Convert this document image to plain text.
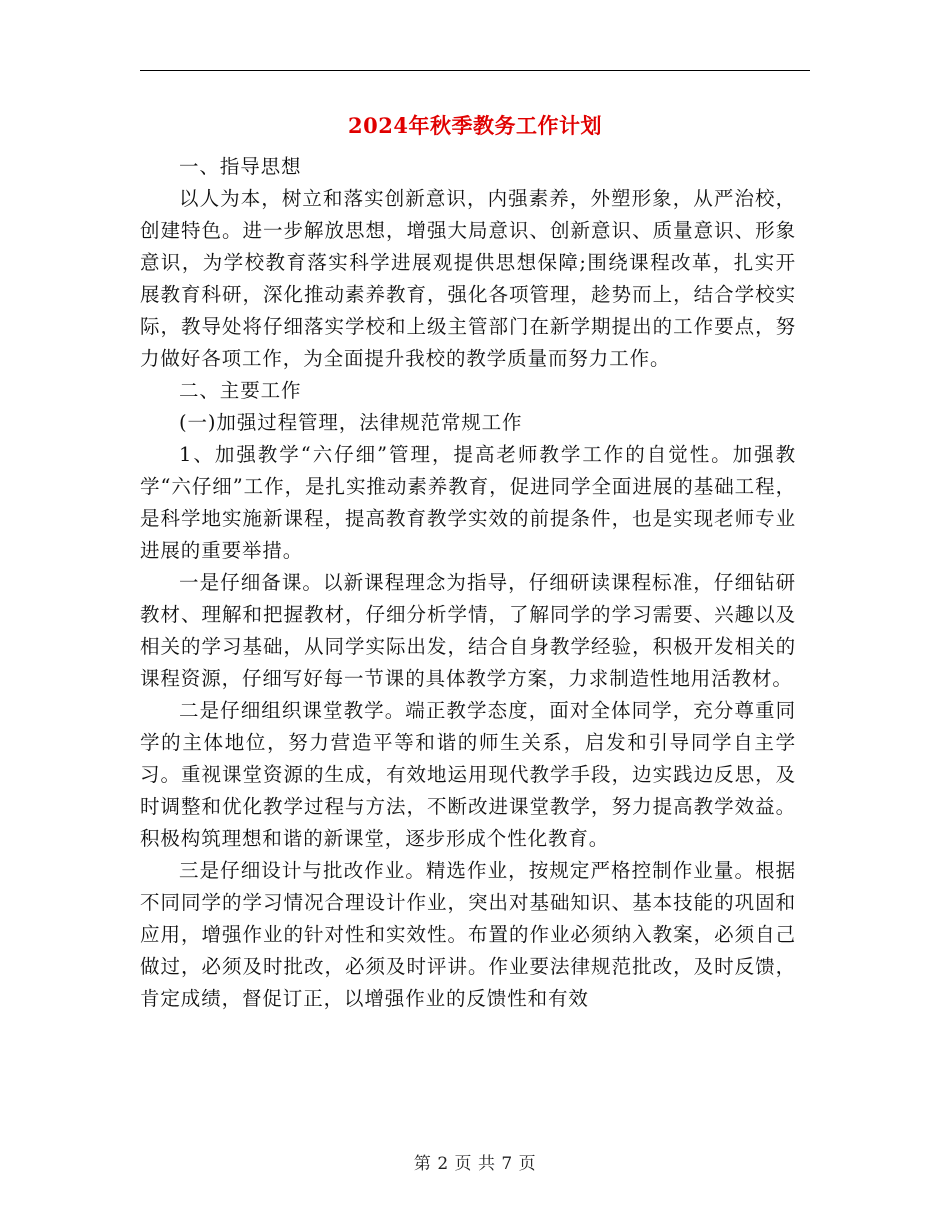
2024年秋季教务工作计划

一、指导思想

以人为本，树立和落实创新意识，内强素养，外塑形象，从严治校，创建特色。进一步解放思想，增强大局意识、创新意识、质量意识、形象意识，为学校教育落实科学进展观提供思想保障;围绕课程改革，扎实开展教育科研，深化推动素养教育，强化各项管理，趁势而上，结合学校实际，教导处将仔细落实学校和上级主管部门在新学期提出的工作要点，努力做好各项工作，为全面提升我校的教学质量而努力工作。

二、主要工作

(一)加强过程管理，法律规范常规工作

1、加强教学“六仔细”管理，提高老师教学工作的自觉性。加强教学“六仔细”工作，是扎实推动素养教育，促进同学全面进展的基础工程，是科学地实施新课程，提高教育教学实效的前提条件，也是实现老师专业进展的重要举措。

一是仔细备课。以新课程理念为指导，仔细研读课程标准，仔细钻研教材、理解和把握教材，仔细分析学情，了解同学的学习需要、兴趣以及相关的学习基础，从同学实际出发，结合自身教学经验，积极开发相关的课程资源，仔细写好每一节课的具体教学方案，力求制造性地用活教材。

二是仔细组织课堂教学。端正教学态度，面对全体同学，充分尊重同学的主体地位，努力营造平等和谐的师生关系，启发和引导同学自主学习。重视课堂资源的生成，有效地运用现代教学手段，边实践边反思，及时调整和优化教学过程与方法，不断改进课堂教学，努力提高教学效益。积极构筑理想和谐的新课堂，逐步形成个性化教育。

三是仔细设计与批改作业。精选作业，按规定严格控制作业量。根据不同同学的学习情况合理设计作业，突出对基础知识、基本技能的巩固和应用，增强作业的针对性和实效性。布置的作业必须纳入教案，必须自己做过，必须及时批改，必须及时评讲。作业要法律规范批改，及时反馈，肯定成绩，督促订正，以增强作业的反馈性和有效

第 2 页 共 7 页
